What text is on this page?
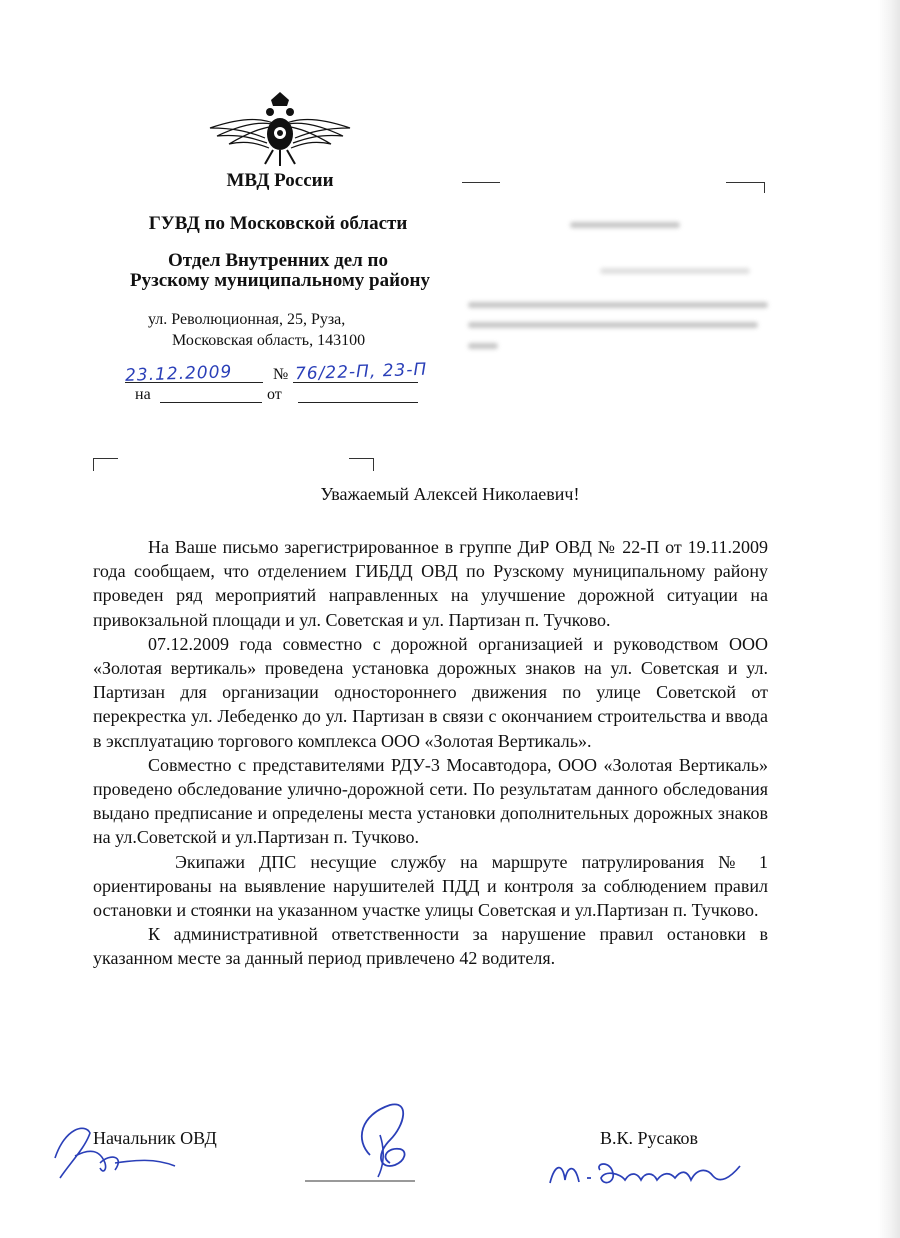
МВД России
ГУВД по Московской области
Отдел Внутренних дел по
Рузскому муниципальному району
ул. Революционная, 25, Руза,
Московская область, 143100
23.12.2009	№ 76/22-П, 23-П
на	от
Уважаемый Алексей Николаевич!

На Ваше письмо зарегистрированное в группе ДиР ОВД № 22-П от 19.11.2009 года сообщаем, что отделением ГИБДД ОВД по Рузскому муниципальному району проведен ряд мероприятий направленных на улучшение дорожной ситуации на привокзальной площади и ул. Советская и ул. Партизан п. Тучково.

07.12.2009 года совместно с дорожной организацией и руководством ООО «Золотая вертикаль» проведена установка дорожных знаков на ул. Советская и ул. Партизан для организации одностороннего движения по улице Советской от перекрестка ул. Лебеденко до ул. Партизан в связи с окончанием строительства и ввода в эксплуатацию торгового комплекса ООО «Золотая Вертикаль».

Совместно с представителями РДУ-3 Мосавтодора, ООО «Золотая Вертикаль» проведено обследование улично-дорожной сети. По результатам данного обследования выдано предписание и определены места установки дополнительных дорожных знаков на ул.Советской и ул.Партизан п. Тучково.

Экипажи ДПС несущие службу на маршруте патрулирования № 1 ориентированы на выявление нарушителей ПДД и контроля за соблюдением правил остановки и стоянки на указанном участке улицы Советская и ул.Партизан п. Тучково.

К административной ответственности за нарушение правил остановки в указанном месте за данный период привлечено 42 водителя.

Начальник ОВД	В.К. Русаков
